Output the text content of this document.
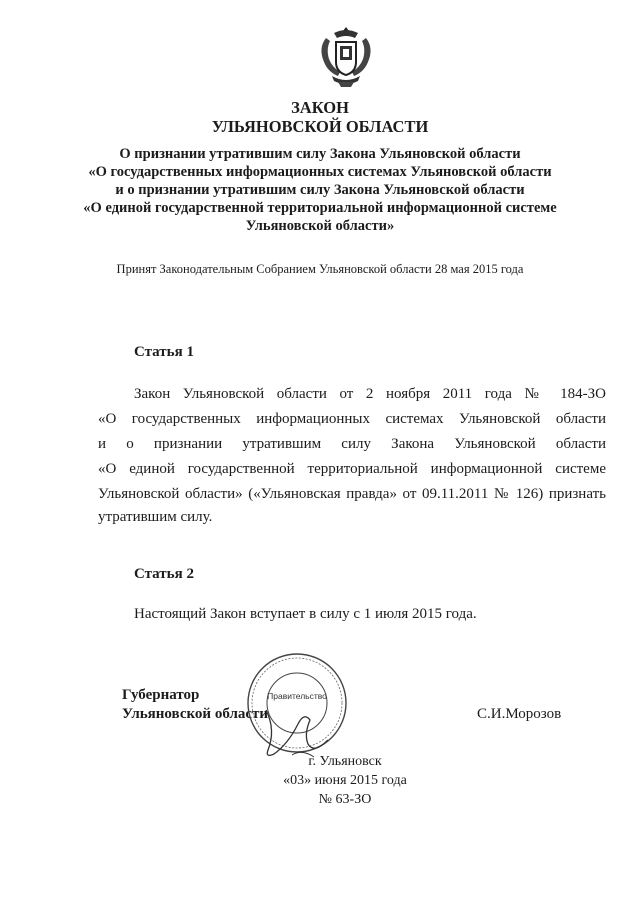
ЗАКОН
УЛЬЯНОВСКОЙ ОБЛАСТИ
О признании утратившим силу Закона Ульяновской области
«О государственных информационных системах Ульяновской области
и о признании утратившим силу Закона Ульяновской области
«О единой государственной территориальной информационной системе
Ульяновской области»
Принят Законодательным Собранием Ульяновской области 28 мая 2015 года
Статья 1
Закон Ульяновской области от 2 ноября 2011 года № 184-ЗО
«О государственных информационных системах Ульяновской области
и о признании утратившим силу Закона Ульяновской области
«О единой государственной территориальной информационной системе
Ульяновской области» («Ульяновская правда» от 09.11.2011 № 126) признать
утратившим силу.
Статья 2
Настоящий Закон вступает в силу с 1 июля 2015 года.
Губернатор
Ульяновской области
Правительство
С.И.Морозов
г. Ульяновск
«03» июня 2015 года
№ 63-ЗО
